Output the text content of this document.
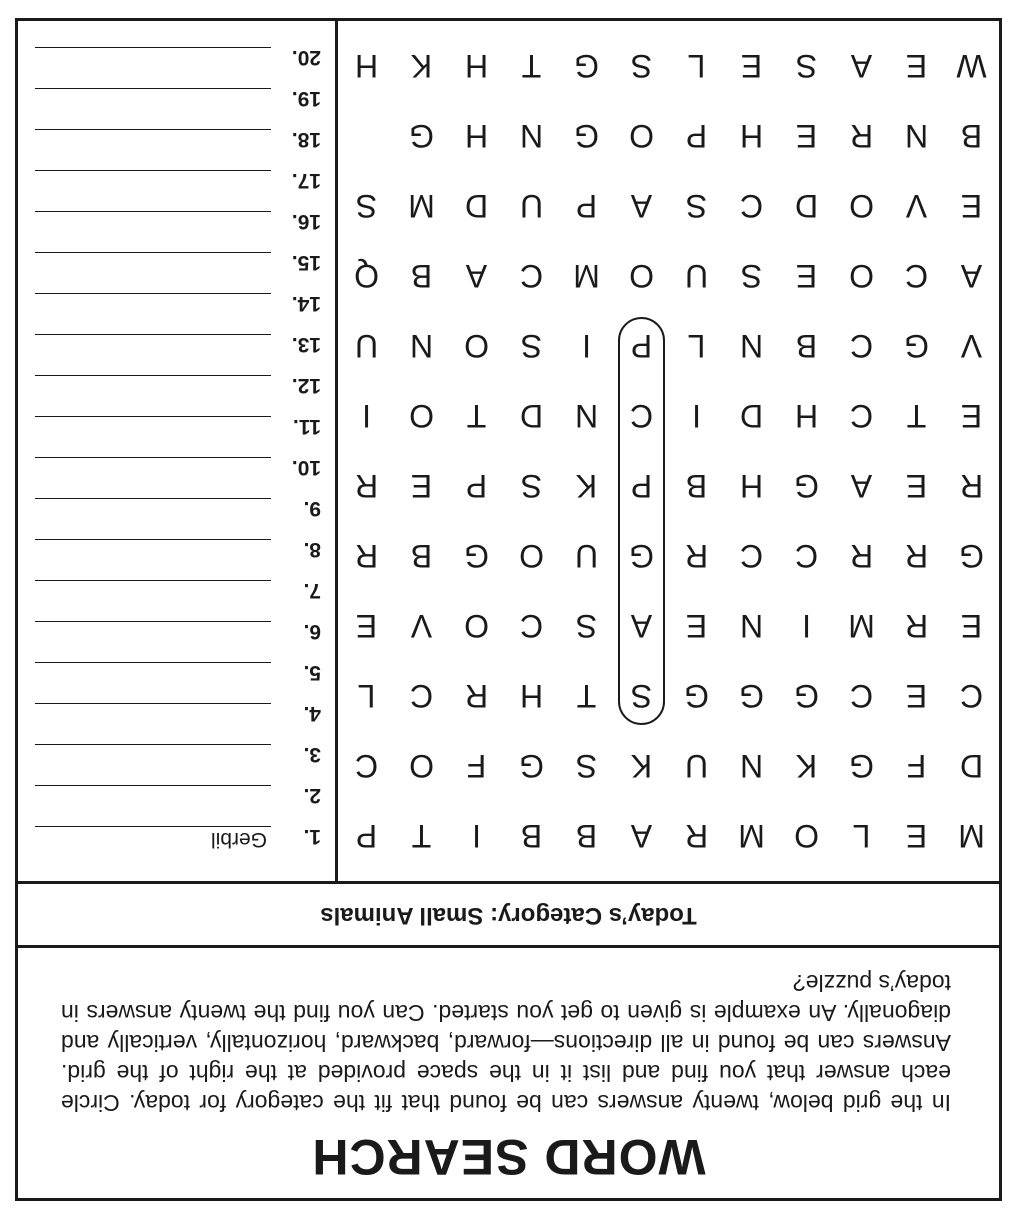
WORD SEARCH
In the grid below, twenty answers can be found that fit the category for today. Circle each answer that you find and list it in the space provided at the right of the grid. Answers can be found in all directions—forward, backward, horizontally, vertically and diagonally. An example is given to get you started. Can you find the twenty answers in today’s puzzle?
Today’s Category: Small Animals
M
E
L
O
M
R
A
B
B
I
T
P
D
F
G
K
N
U
K
S
G
F
O
C
C
E
C
G
G
G
S
T
H
R
C
L
E
R
M
I
N
E
A
S
C
O
V
E
G
R
R
C
C
R
G
U
O
G
B
R
R
E
A
G
H
B
P
K
S
P
E
R
E
T
C
H
D
I
C
N
D
T
O
I
V
G
C
B
N
L
P
I
S
O
N
U
A
C
O
E
S
U
O
M
C
A
B
Q
E
V
O
D
C
S
A
P
U
D
M
S
B
N
R
E
H
P
O
G
N
H
G
W
E
A
S
E
L
S
G
T
H
K
H
1.
Gerbil
2.
3.
4.
5.
6.
7.
8.
9.
10.
11.
12.
13.
14.
15.
16.
17.
18.
19.
20.
